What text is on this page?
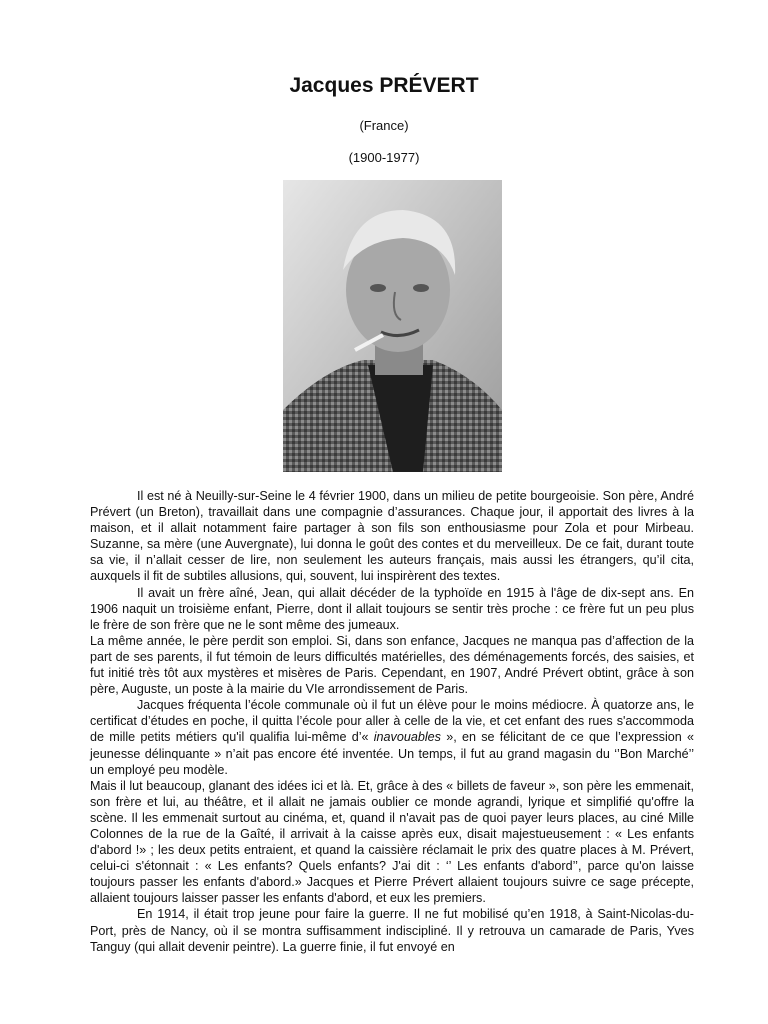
Jacques PRÉVERT
(France)
(1900-1977)

Il est né à Neuilly-sur-Seine le 4 février 1900, dans un milieu de petite bourgeoisie. Son père, André Prévert (un Breton), travaillait dans une compagnie d’assurances. Chaque jour, il apportait des livres à la maison, et il allait notamment faire partager à son fils son enthousiasme pour Zola et pour Mirbeau. Suzanne, sa mère (une Auvergnate), lui donna le goût des contes et du merveilleux. De ce fait, durant toute sa vie, il n’allait cesser de lire, non seulement les auteurs français, mais aussi les étrangers, qu’il cita, auxquels il fit de subtiles allusions, qui, souvent, lui inspirèrent des textes.

Il avait un frère aîné, Jean, qui allait décéder de la typhoïde en 1915 à l'âge de dix-sept ans. En 1906 naquit un troisième enfant, Pierre, dont il allait toujours se sentir très proche : ce frère fut un peu plus le frère de son frère que ne le sont même des jumeaux.

La même année, le père perdit son emploi. Si, dans son enfance, Jacques ne manqua pas d’affection de la part de ses parents, il fut témoin de leurs difficultés matérielles, des déménagements forcés, des saisies, et fut initié très tôt aux mystères et misères de Paris. Cependant, en 1907, André Prévert obtint, grâce à son père, Auguste, un poste à la mairie du VIe arrondissement de Paris.

Jacques fréquenta l’école communale où il fut un élève pour le moins médiocre. À quatorze ans, le certificat d’études en poche, il quitta l’école pour aller à celle de la vie, et cet enfant des rues s'accommoda de mille petits métiers qu'il qualifia lui-même d’« inavouables », en se félicitant de ce que l’expression « jeunesse délinquante » n’ait pas encore été inventée. Un temps, il fut au grand magasin du ‘’Bon Marché’’ un employé peu modèle.

Mais il lut beaucoup, glanant des idées ici et là. Et, grâce à des « billets de faveur », son père les emmenait, son frère et lui, au théâtre, et il allait ne jamais oublier ce monde agrandi, lyrique et simplifié qu'offre la scène. Il les emmenait surtout au cinéma, et, quand il n'avait pas de quoi payer leurs places, au ciné Mille Colonnes de la rue de la Gaîté, il arrivait à la caisse après eux, disait majestueusement : « Les enfants d'abord !» ; les deux petits entraient, et quand la caissière réclamait le prix des quatre places à M. Prévert, celui-ci s'étonnait : « Les enfants? Quels enfants? J'ai dit : ‘’ Les enfants d'abord’’, parce qu'on laisse toujours passer les enfants d'abord.» Jacques et Pierre Prévert allaient toujours suivre ce sage précepte, allaient toujours laisser passer les enfants d'abord, et eux les premiers.

En 1914, il était trop jeune pour faire la guerre. Il ne fut mobilisé qu’en 1918, à Saint-Nicolas-du-Port, près de Nancy, où il se montra suffisamment indiscipliné. Il y retrouva un camarade de Paris, Yves Tanguy (qui allait devenir peintre). La guerre finie, il fut envoyé en
